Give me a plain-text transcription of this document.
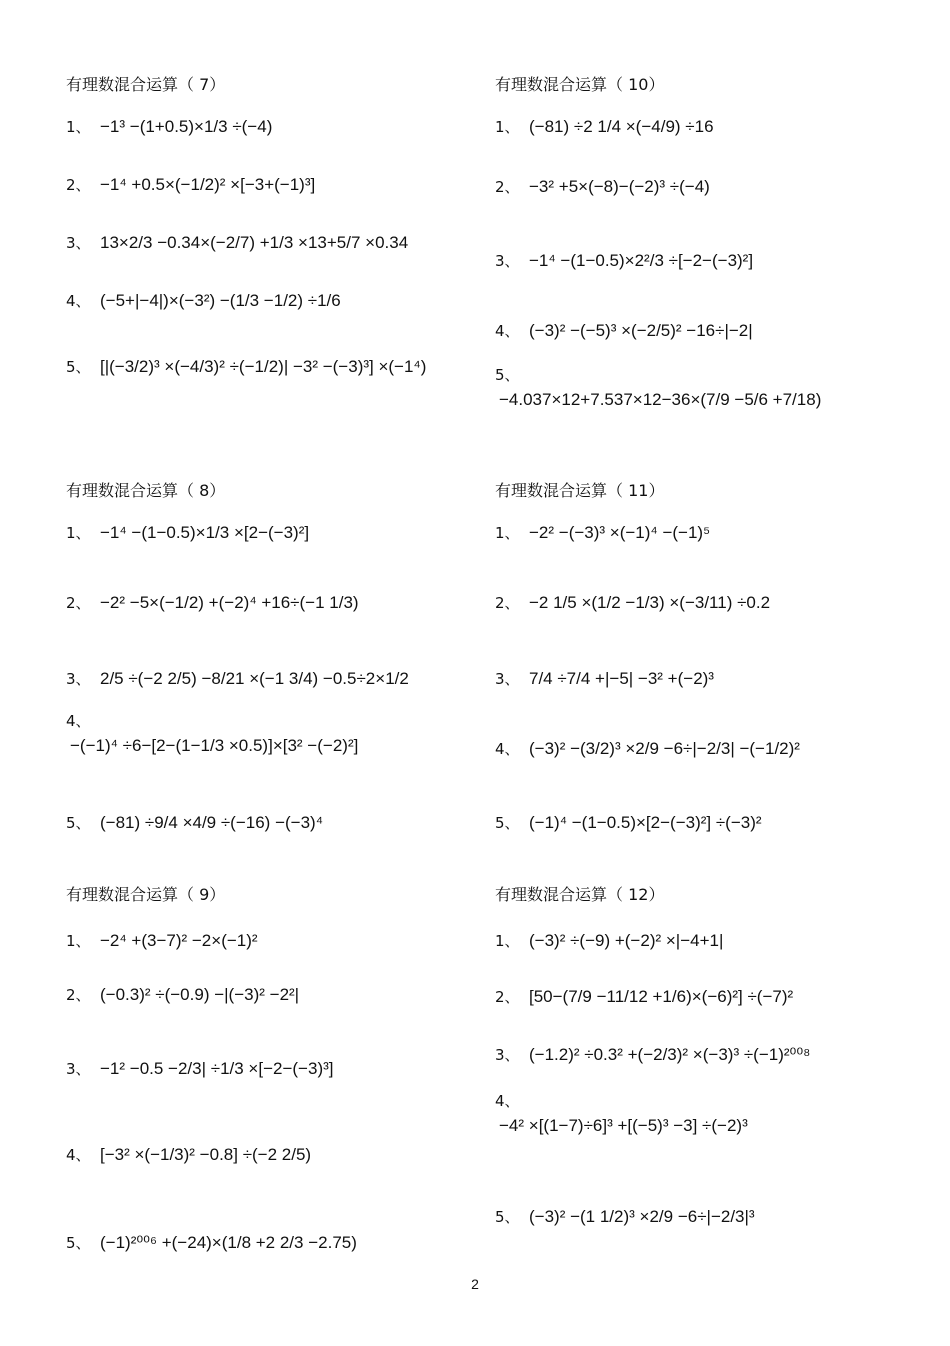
有理数混合运算（ 7）
1、 −1³ −(1+0.5)×1/3 ÷(−4)
2、 −1⁴ +0.5×(−1/2)² ×[−3+(−1)³]
3、 13×2/3 −0.34×(−2/7) +1/3 ×13+5/7 ×0.34
4、 (−5+|−4|)×(−3²) −(1/3 −1/2) ÷1/6
5、 [|(−3/2)³ ×(−4/3)² ÷(−1/2)| −3² −(−3)³] ×(−1⁴)
有理数混合运算（ 10）
1、 (−81) ÷2 1/4 ×(−4/9) ÷16
2、 −3² +5×(−8)−(−2)³ ÷(−4)
3、 −1⁴ −(1−0.5)×2²/3 ÷[−2−(−3)²]
4、 (−3)² −(−5)³ ×(−2/5)² −16÷|−2|
5、
−4.037×12+7.537×12−36×(7/9 −5/6 +7/18)
有理数混合运算（ 8）
1、 −1⁴ −(1−0.5)×1/3 ×[2−(−3)²]
2、 −2² −5×(−1/2) +(−2)⁴ +16÷(−1 1/3)
3、 2/5 ÷(−2 2/5) −8/21 ×(−1 3/4) −0.5÷2×1/2
4、
−(−1)⁴ ÷6−[2−(1−1/3 ×0.5)]×[3² −(−2)²]
5、 (−81) ÷9/4 ×4/9 ÷(−16) −(−3)⁴
有理数混合运算（ 11）
1、 −2² −(−3)³ ×(−1)⁴ −(−1)⁵
2、 −2 1/5 ×(1/2 −1/3) ×(−3/11) ÷0.2
3、 7/4 ÷7/4 +|−5| −3² +(−2)³
4、 (−3)² −(3/2)³ ×2/9 −6÷|−2/3| −(−1/2)²
5、 (−1)⁴ −(1−0.5)×[2−(−3)²] ÷(−3)²
有理数混合运算（ 9）
1、 −2⁴ +(3−7)² −2×(−1)²
2、 (−0.3)² ÷(−0.9) −|(−3)² −2²|
3、 −1² −0.5 −2/3| ÷1/3 ×[−2−(−3)³]
4、 [−3² ×(−1/3)² −0.8] ÷(−2 2/5)
5、 (−1)²⁰⁰⁶ +(−24)×(1/8 +2 2/3 −2.75)
有理数混合运算（ 12）
1、 (−3)² ÷(−9) +(−2)² ×|−4+1|
2、 [50−(7/9 −11/12 +1/6)×(−6)²] ÷(−7)²
3、 (−1.2)² ÷0.3² +(−2/3)² ×(−3)³ ÷(−1)²⁰⁰⁸
4、
−4² ×[(1−7)÷6]³ +[(−5)³ −3] ÷(−2)³
5、 (−3)² −(1 1/2)³ ×2/9 −6÷|−2/3|³
2
